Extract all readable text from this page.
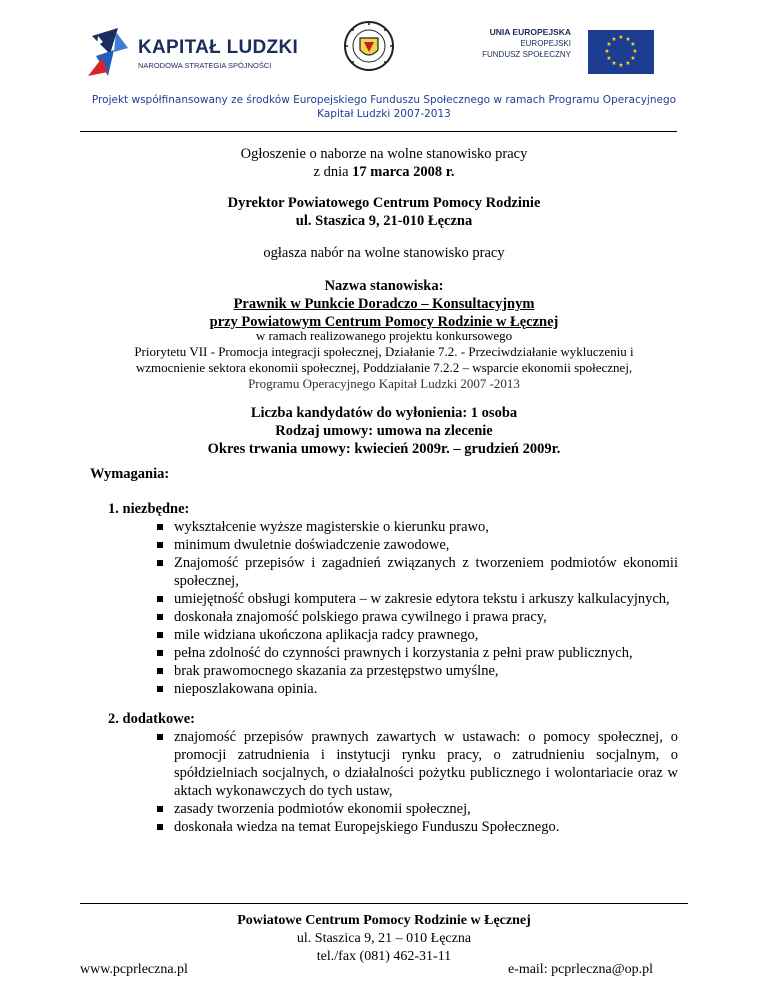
KAPITAŁ LUDZKI
NARODOWA STRATEGIA SPÓJNOŚCI
UNIA EUROPEJSKA
EUROPEJSKI
FUNDUSZ SPOŁECZNY
★ ★
★
★
★
★
★
★
★
★
★
★
Projekt współfinansowany ze środków Europejskiego Funduszu Społecznego w ramach Programu Operacyjnego
Kapitał Ludzki 2007-2013
Ogłoszenie o naborze na wolne stanowisko pracy
z dnia 17 marca 2008 r.
Dyrektor Powiatowego Centrum Pomocy Rodzinie
ul. Staszica 9, 21-010 Łęczna
ogłasza nabór na wolne stanowisko pracy
Nazwa stanowiska:
Prawnik w Punkcie Doradczo – Konsultacyjnym
przy Powiatowym Centrum Pomocy Rodzinie w Łęcznej
w ramach realizowanego projektu konkursowego
Priorytetu VII - Promocja integracji społecznej, Działanie 7.2. - Przeciwdziałanie wykluczeniu i
wzmocnienie sektora ekonomii społecznej, Poddziałanie 7.2.2 – wsparcie ekonomii społecznej,
Programu Operacyjnego Kapitał Ludzki 2007 -2013
Liczba kandydatów do wyłonienia: 1 osoba
Rodzaj umowy: umowa na zlecenie
Okres trwania umowy: kwiecień 2009r. – grudzień 2009r.
Wymagania:
1. niezbędne:
wykształcenie wyższe magisterskie o kierunku prawo,
minimum dwuletnie doświadczenie zawodowe,
Znajomość przepisów i zagadnień związanych z tworzeniem podmiotów ekonomii społecznej,
umiejętność obsługi komputera – w zakresie edytora tekstu i arkuszy kalkulacyjnych,
doskonała znajomość polskiego prawa cywilnego i prawa pracy,
mile widziana ukończona aplikacja radcy prawnego,
pełna zdolność do czynności prawnych i korzystania z pełni praw publicznych,
brak prawomocnego skazania za przestępstwo umyślne,
nieposzlakowana opinia.
2. dodatkowe:
znajomość przepisów prawnych zawartych w ustawach: o pomocy społecznej, o promocji zatrudnienia i instytucji rynku pracy, o zatrudnieniu socjalnym, o spółdzielniach socjalnych, o działalności pożytku publicznego i wolontariacie oraz w aktach wykonawczych do tych ustaw,
zasady tworzenia podmiotów ekonomii społecznej,
doskonała wiedza na temat Europejskiego Funduszu Społecznego.
Powiatowe Centrum Pomocy Rodzinie w Łęcznej
ul. Staszica 9, 21 – 010 Łęczna
tel./fax (081) 462-31-11
www.pcprleczna.pl	e-mail: pcprleczna@op.pl
